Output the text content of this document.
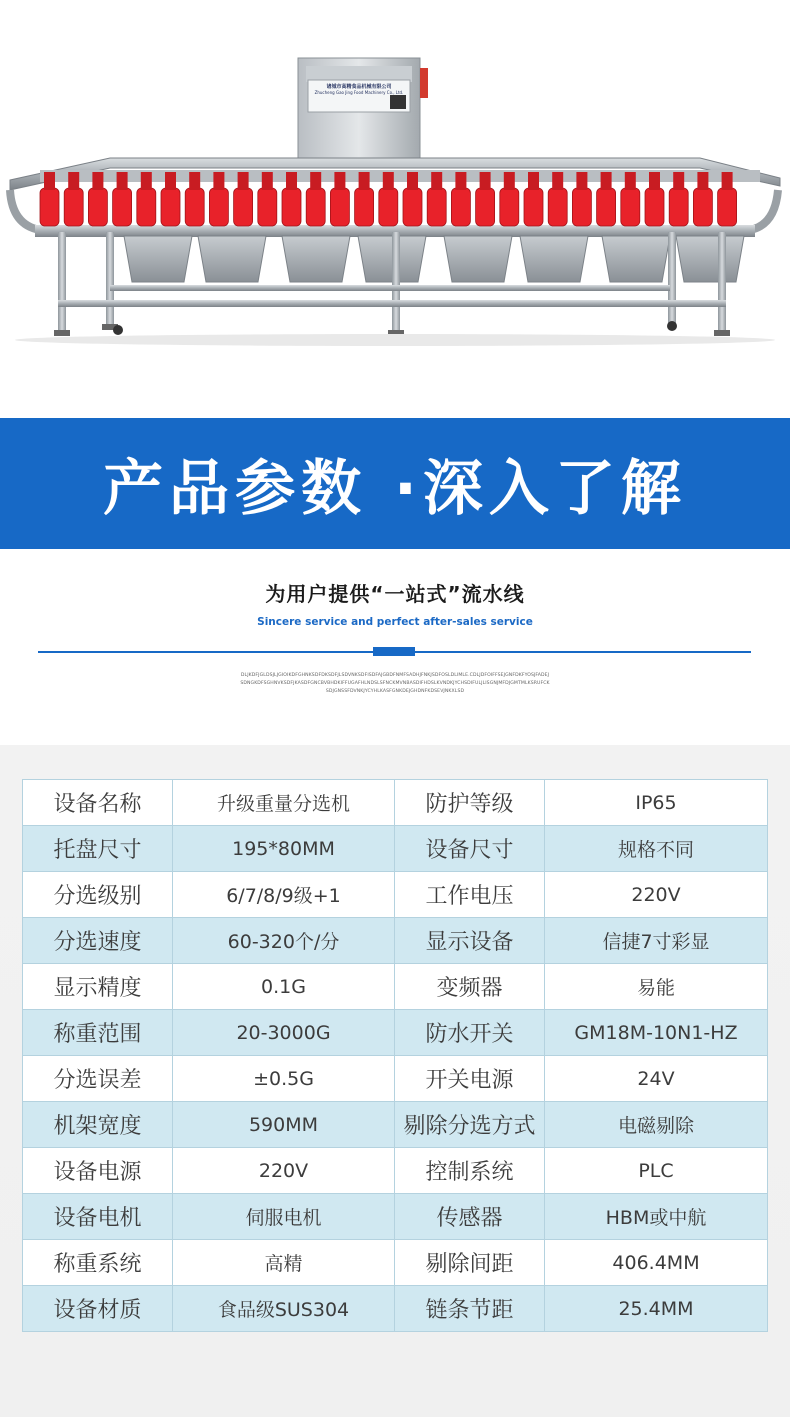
诸城市高精食品机械有限公司
Zhucheng Gao Jing Food Machinery Co., Ltd.
产品参数 ·深入了解
为用户提供“一站式”流水线
Sincere service and perfect after-sales service
DLJKDFJGLDSJLJGIOIKDFGHNKSDFDKSDFJLSDVNKSDFISDFAJGBDFNMFSADHJFNKJSDFOSLDLIMLE.CDLJDFOIFFSEJGNFDKFYOSJFADEJSDNGKDFSGHNVKSDFJKASDFGNCBVBHDKIFFUGAFHLNDSLSFNCKMVNBASDIFHDSLKVNDKJYCHSDIFULJLISGNJMFDJGMTMLKSRUFCKSDJGNSSFDVNKJYCYHLKASFGNKDEJGHDNFKDSEVJNKXLSD
设备名称	升级重量分选机	防护等级	IP65
托盘尺寸	195*80MM	设备尺寸	规格不同
分选级别	6/7/8/9级+1	工作电压	220V
分选速度	60-320个/分	显示设备	信捷7寸彩显
显示精度	0.1G	变频器	易能
称重范围	20-3000G	防水开关	GM18M-10N1-HZ
分选误差	±0.5G	开关电源	24V
机架宽度	590MM	剔除分选方式	电磁剔除
设备电源	220V	控制系统	PLC
设备电机	伺服电机	传感器	HBM或中航
称重系统	高精	剔除间距	406.4MM
设备材质	食品级SUS304	链条节距	25.4MM
